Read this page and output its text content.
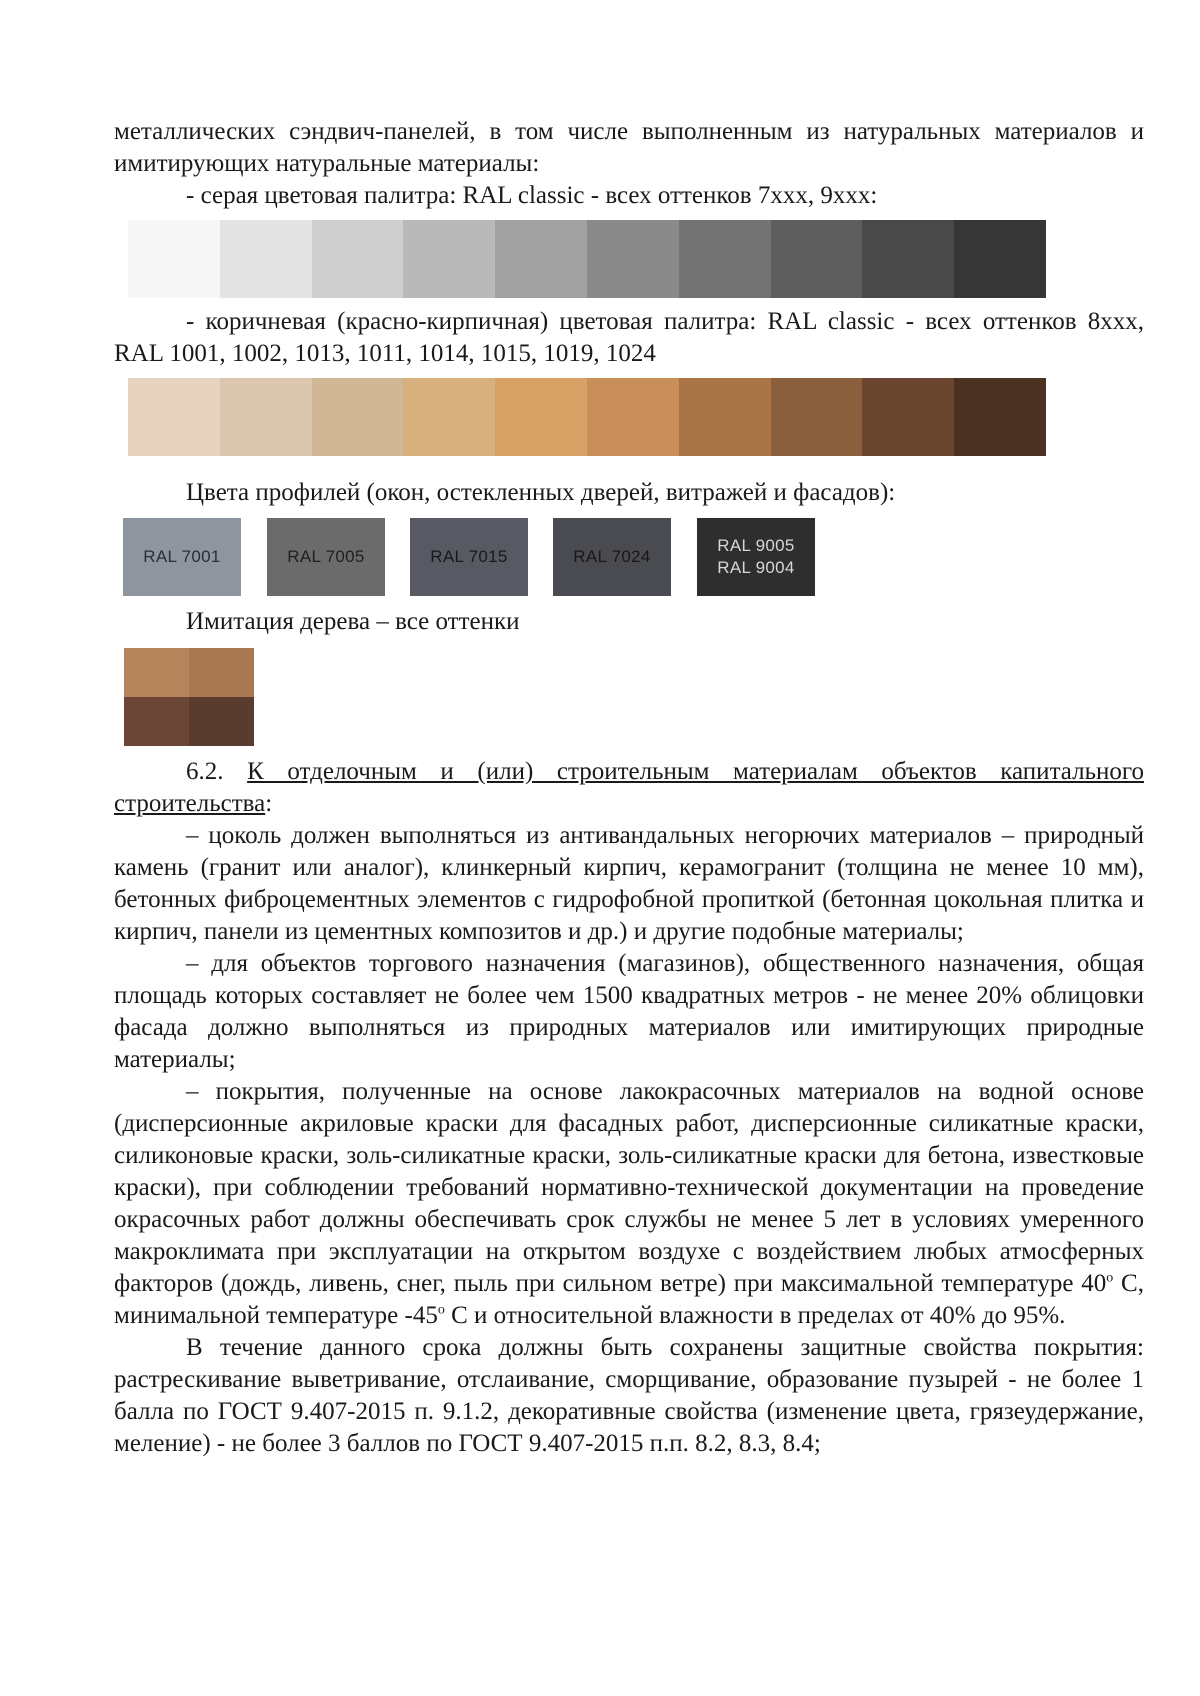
металлических сэндвич-панелей, в том числе выполненным из натуральных материалов и имитирующих натуральные материалы:
- серая цветовая палитра: RAL classic - всех оттенков 7xxx, 9xxx:
- коричневая (красно-кирпичная) цветовая палитра: RAL classic - всех оттенков 8xxx, RAL 1001, 1002, 1013, 1011, 1014, 1015, 1019, 1024
Цвета профилей (окон, остекленных дверей, витражей и фасадов):
RAL 7001	RAL 7005	RAL 7015	RAL 7024
RAL 9005
RAL 9004
Имитация дерева – все оттенки
6.2. К отделочным и (или) строительным материалам объектов капитального строительства:
– цоколь должен выполняться из антивандальных негорючих материалов – природный камень (гранит или аналог), клинкерный кирпич, керамогранит (толщина не менее 10 мм), бетонных фиброцементных элементов с гидрофобной пропиткой (бетонная цокольная плитка и кирпич, панели из цементных композитов и др.) и другие подобные материалы;
– для объектов торгового назначения (магазинов), общественного назначения, общая площадь которых составляет не более чем 1500 квадратных метров - не менее 20% облицовки фасада должно выполняться из природных материалов или имитирующих природные материалы;
– покрытия, полученные на основе лакокрасочных материалов на водной основе (дисперсионные акриловые краски для фасадных работ, дисперсионные силикатные краски, силиконовые краски, золь-силикатные краски, золь-силикатные краски для бетона, известковые краски), при соблюдении требований нормативно-технической документации на проведение окрасочных работ должны обеспечивать срок службы не менее 5 лет в условиях умеренного макроклимата при эксплуатации на открытом воздухе с воздействием любых атмосферных факторов (дождь, ливень, снег, пыль при сильном ветре) при максимальной температуре 40$^o$ С, минимальной температуре -45$^o$ С и относительной влажности в пределах от 40% до 95%.
В течение данного срока должны быть сохранены защитные свойства покрытия: растрескивание выветривание, отслаивание, сморщивание, образование пузырей - не более 1 балла по ГОСТ 9.407-2015 п. 9.1.2, декоративные свойства (изменение цвета, грязеудержание, меление) - не более 3 баллов по ГОСТ 9.407-2015 п.п. 8.2, 8.3, 8.4;
